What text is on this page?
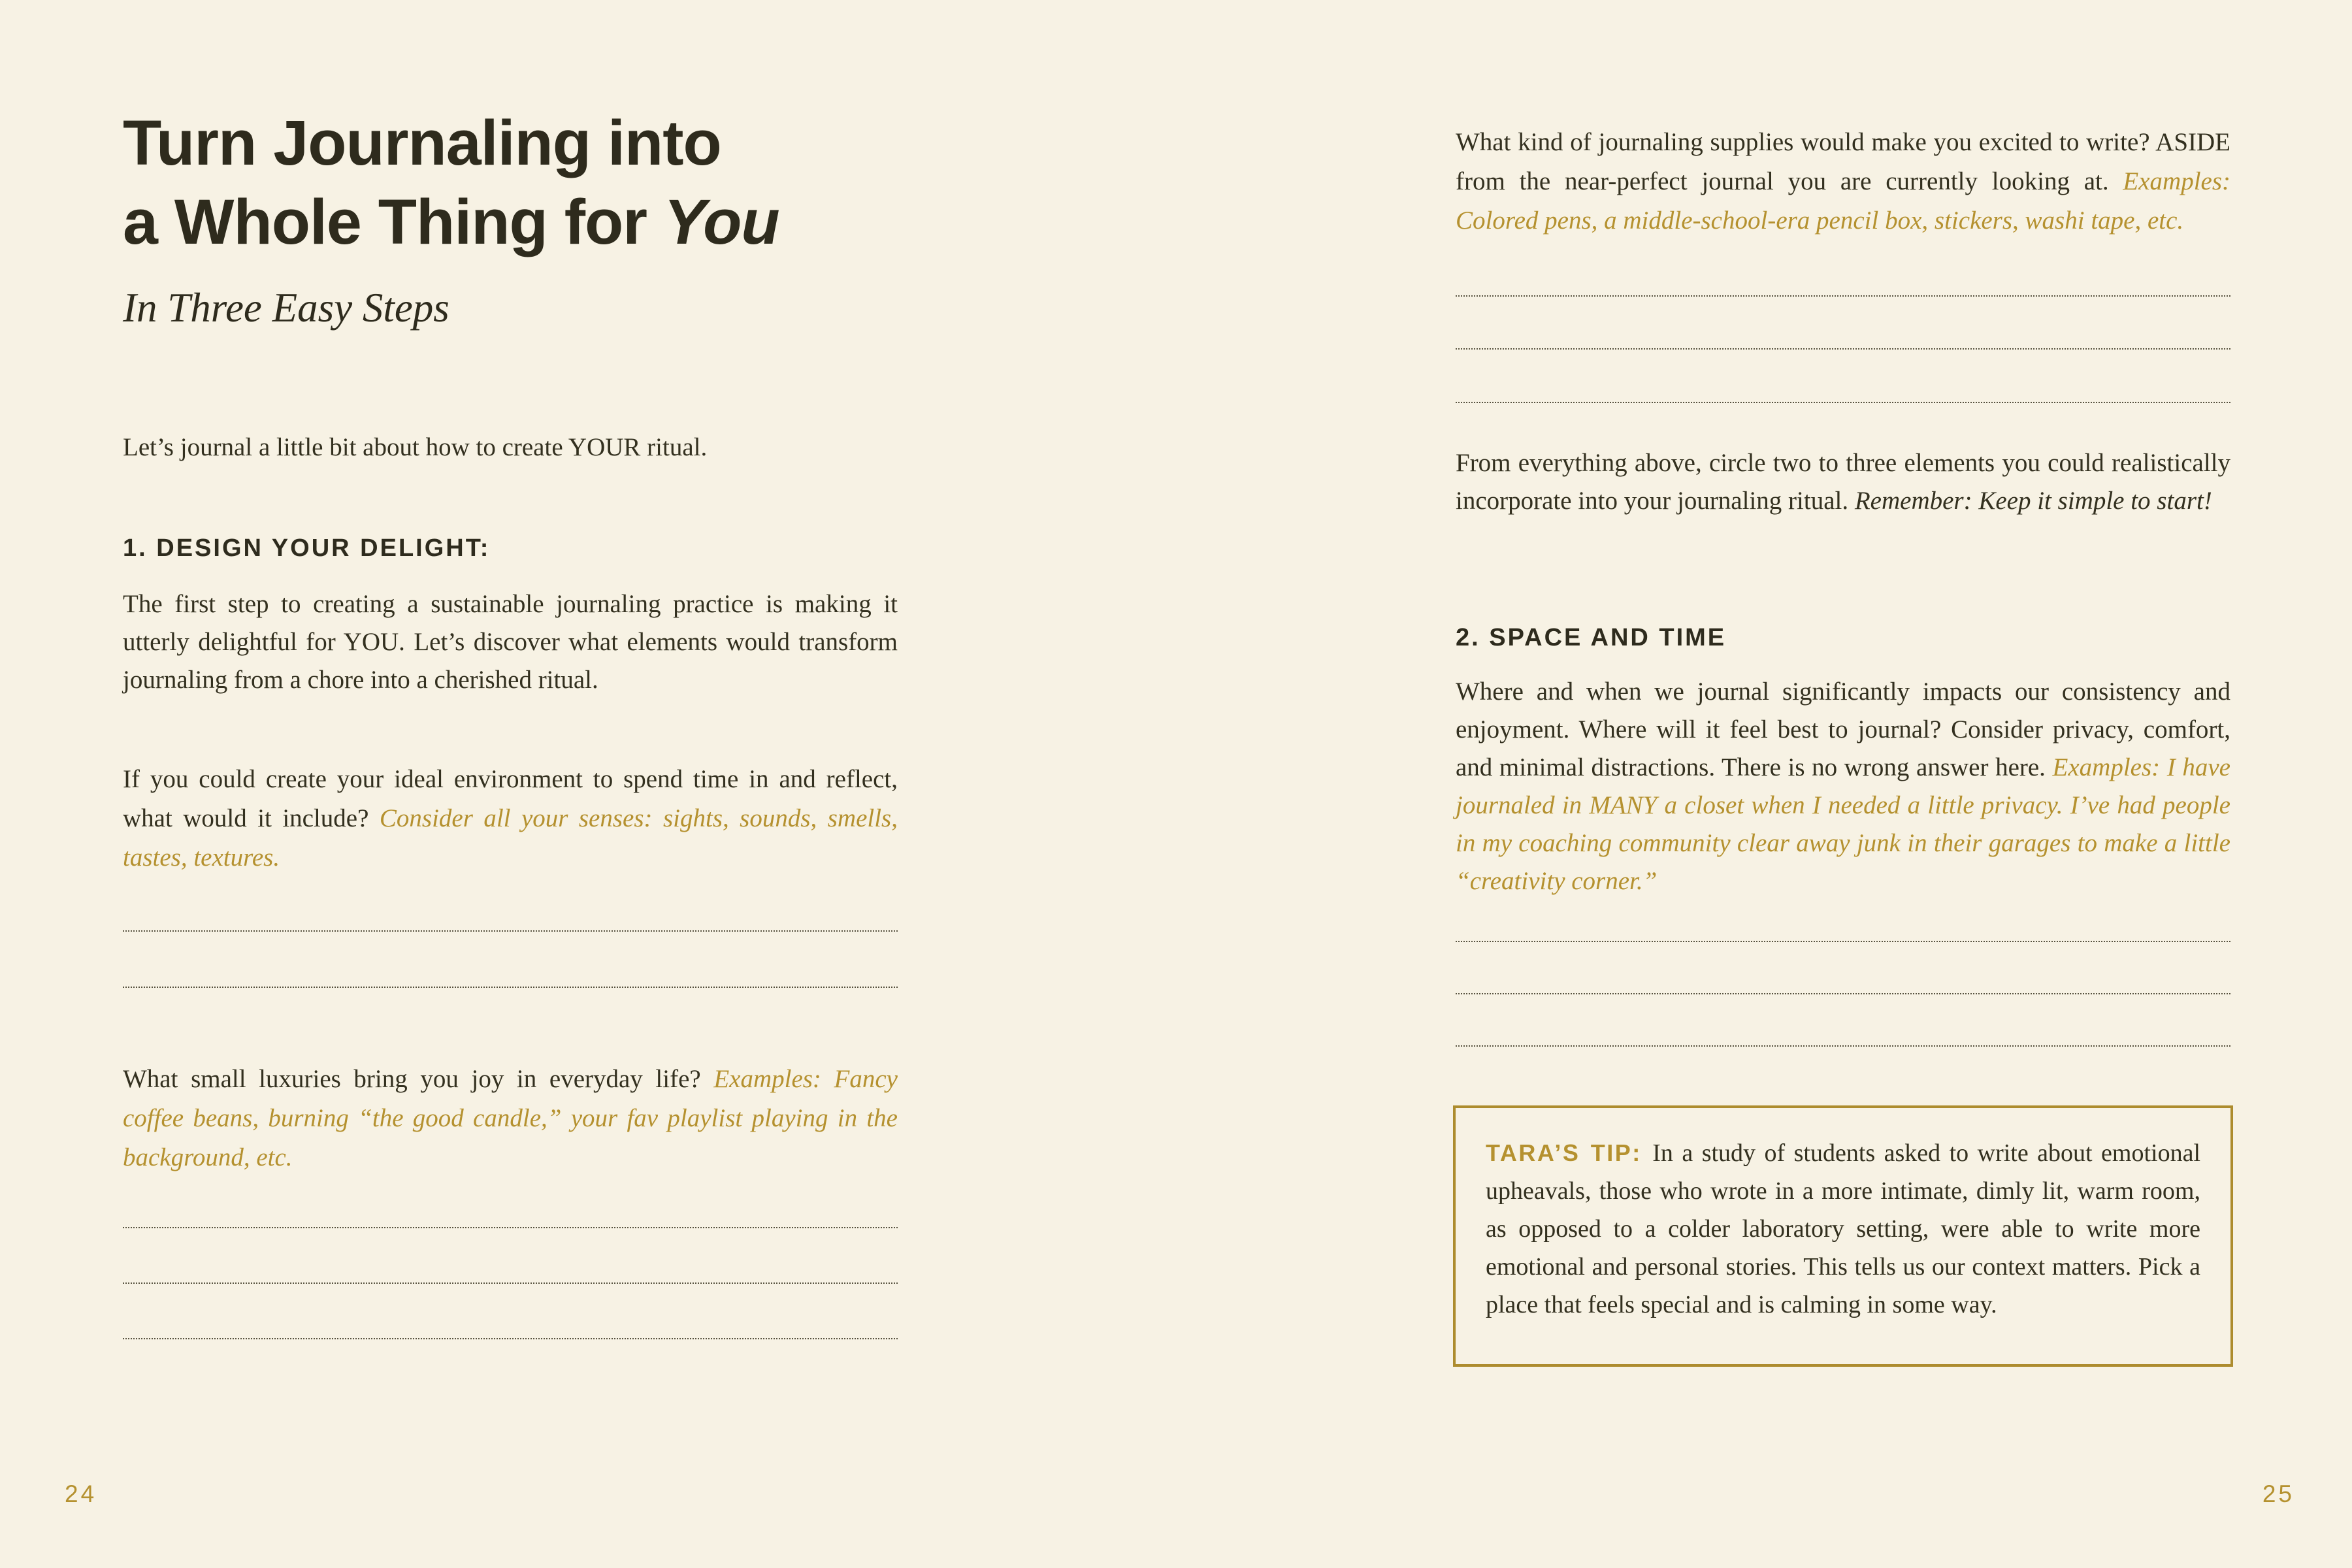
Turn Journaling into
a Whole Thing for You
In Three Easy Steps
Let’s journal a little bit about how to create YOUR ritual.
1. DESIGN YOUR DELIGHT:
The first step to creating a sustainable journaling practice is making it utterly delightful for YOU. Let’s discover what elements would transform journaling from a chore into a cherished ritual.
If you could create your ideal environment to spend time in and reflect, what would it include? Consider all your senses: sights, sounds, smells, tastes, textures.
What small luxuries bring you joy in everyday life? Examples: Fancy coffee beans, burning “the good candle,” your fav playlist playing in the background, etc.
What kind of journaling supplies would make you excited to write? ASIDE from the near-perfect journal you are currently looking at. Examples: Colored pens, a middle-school-era pencil box, stickers, washi tape, etc.
From everything above, circle two to three elements you could realistically incorporate into your journaling ritual. Remember: Keep it simple to start!
2. SPACE AND TIME
Where and when we journal significantly impacts our consistency and enjoyment. Where will it feel best to journal? Consider privacy, comfort, and minimal distractions. There is no wrong answer here. Examples: I have journaled in MANY a closet when I needed a little privacy. I’ve had people in my coaching community clear away junk in their garages to make a little “creativity corner.”
TARA’S TIP: In a study of students asked to write about emotional upheavals, those who wrote in a more intimate, dimly lit, warm room, as opposed to a colder laboratory setting, were able to write more emotional and personal stories. This tells us our context matters. Pick a place that feels special and is calming in some way.
24	25
